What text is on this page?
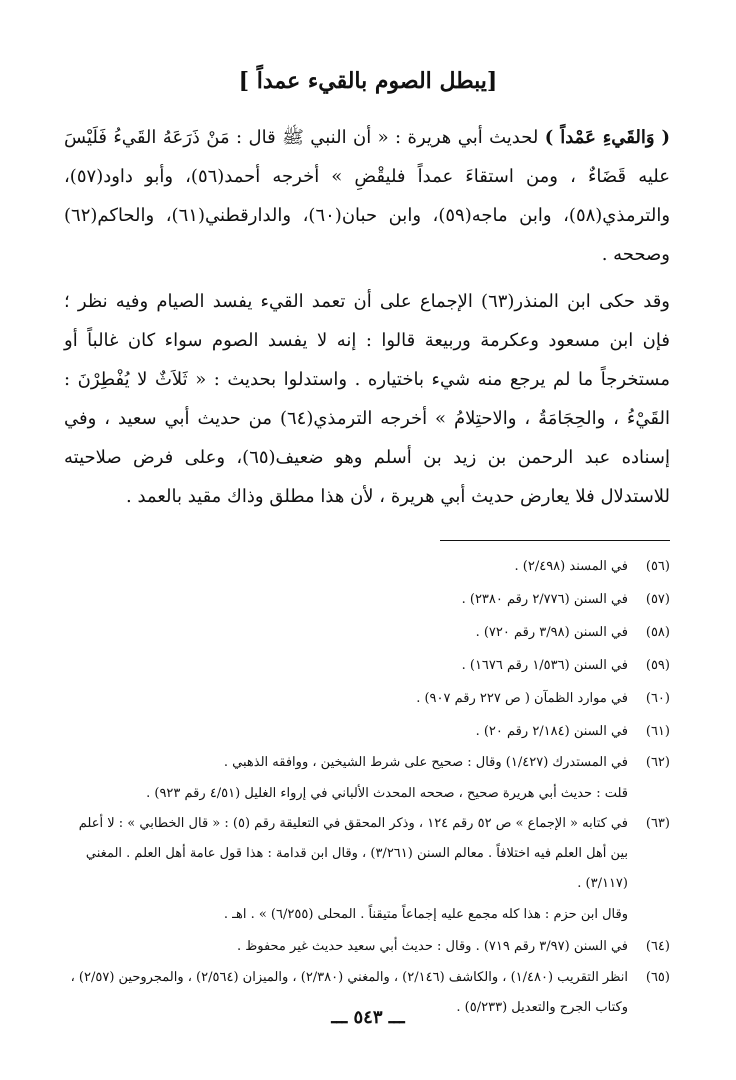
[يبطل الصوم بالقيء عمداً ]
( وَالقَيءِ عَمْداً ) لحديث أبي هريرة : « أن النبي ﷺ قال : مَنْ ذَرَعَهُ القَيءُ فَلَيْسَ عليه قَضَاءٌ ، ومن استقاءَ عمداً فليقْضِ » أخرجه أحمد(٥٦)، وأبو داود(٥٧)، والترمذي(٥٨)، وابن ماجه(٥٩)، وابن حبان(٦٠)، والدارقطني(٦١)، والحاكم(٦٢) وصححه .
وقد حكى ابن المنذر(٦٣) الإجماع على أن تعمد القيء يفسد الصيام وفيه نظر ؛ فإن ابن مسعود وعكرمة وربيعة قالوا : إنه لا يفسد الصوم سواء كان غالباً أو مستخرجاً ما لم يرجع منه شيء باختياره . واستدلوا بحديث : « ثَلاَثٌ لا يُفْطِرْنَ : القَيْءُ ، والحِجَامَةُ ، والاحتِلامُ » أخرجه الترمذي(٦٤) من حديث أبي سعيد ، وفي إسناده عبد الرحمن بن زيد بن أسلم وهو ضعيف(٦٥)، وعلى فرض صلاحيته للاستدلال فلا يعارض حديث أبي هريرة ، لأن هذا مطلق وذاك مقيد بالعمد .
(٥٦)
في المسند (٢/٤٩٨) .
(٥٧)
في السنن (٢/٧٧٦ رقم ٢٣٨٠) .
(٥٨)
في السنن (٣/٩٨ رقم ٧٢٠) .
(٥٩)
في السنن (١/٥٣٦ رقم ١٦٧٦) .
(٦٠)
في موارد الظمآن ( ص ٢٢٧ رقم ٩٠٧) .
(٦١)
في السنن (٢/١٨٤ رقم ٢٠) .
(٦٢)
في المستدرك (١/٤٢٧) وقال : صحيح على شرط الشيخين ، ووافقه الذهبي .
قلت : حديث أبي هريرة صحيح ، صححه المحدث الألباني في إرواء الغليل (٤/٥١ رقم ٩٢٣) .
(٦٣)
في كتابه « الإجماع » ص ٥٢ رقم ١٢٤ ، وذكر المحقق في التعليقة رقم (٥) : « قال الخطابي » : لا أعلم بين أهل العلم فيه اختلافاً . معالم السنن (٣/٢٦١) ، وقال ابن قدامة : هذا قول عامة أهل العلم . المغني (٣/١١٧) .
وقال ابن حزم : هذا كله مجمع عليه إجماعاً متيقناً . المحلى (٦/٢٥٥) » . اهـ .
(٦٤)
في السنن (٣/٩٧ رقم ٧١٩) . وقال : حديث أبي سعيد حديث غير محفوظ .
(٦٥)
انظر التقريب (١/٤٨٠) ، والكاشف (٢/١٤٦) ، والمغني (٢/٣٨٠) ، والميزان (٢/٥٦٤) ، والمجروحين (٢/٥٧) ، وكتاب الجرح والتعديل (٥/٢٣٣) .
ـــ ٥٤٣ ـــ
